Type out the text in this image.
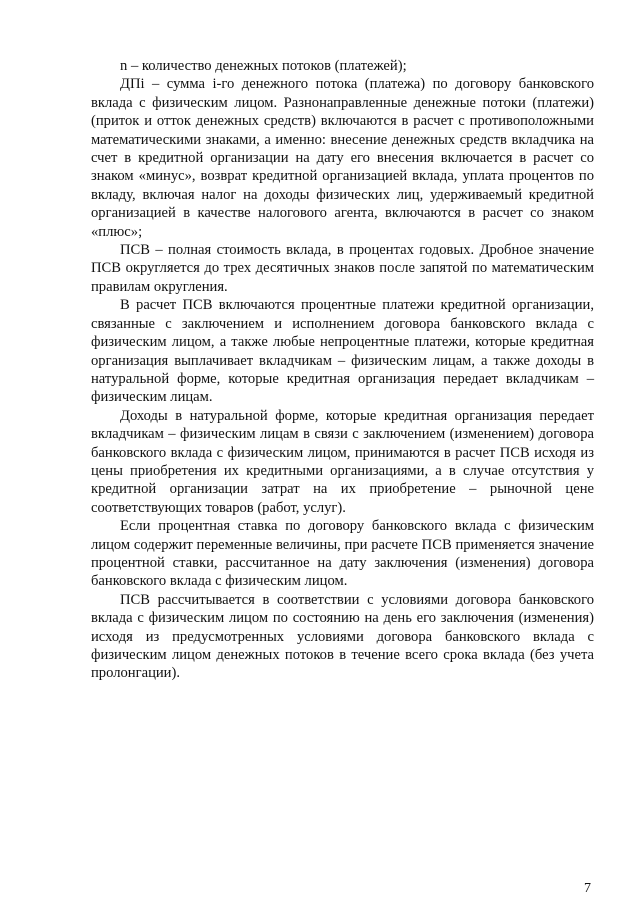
n – количество денежных потоков (платежей);

ДПi – сумма i-го денежного потока (платежа) по договору банковского вклада с физическим лицом. Разнонаправленные денежные потоки (платежи) (приток и отток денежных средств) включаются в расчет с противоположными математическими знаками, а именно: внесение денежных средств вкладчика на счет в кредитной организации на дату его внесения включается в расчет со знаком «минус», возврат кредитной организацией вклада, уплата процентов по вкладу, включая налог на доходы физических лиц, удерживаемый кредитной организацией в качестве налогового агента, включаются в расчет со знаком «плюс»;

ПСВ – полная стоимость вклада, в процентах годовых. Дробное значение ПСВ округляется до трех десятичных знаков после запятой по математическим правилам округления.

В расчет ПСВ включаются процентные платежи кредитной организации, связанные с заключением и исполнением договора банковского вклада с физическим лицом, а также любые непроцентные платежи, которые кредитная организация выплачивает вкладчикам – физическим лицам, а также доходы в натуральной форме, которые кредитная организация передает вкладчикам – физическим лицам.

Доходы в натуральной форме, которые кредитная организация передает вкладчикам – физическим лицам в связи с заключением (изменением) договора банковского вклада с физическим лицом, принимаются в расчет ПСВ исходя из цены приобретения их кредитными организациями, а в случае отсутствия у кредитной организации затрат на их приобретение – рыночной цене соответствующих товаров (работ, услуг).

Если процентная ставка по договору банковского вклада с физическим лицом содержит переменные величины, при расчете ПСВ применяется значение процентной ставки, рассчитанное на дату заключения (изменения) договора банковского вклада с физическим лицом.

ПСВ рассчитывается в соответствии с условиями договора банковского вклада с физическим лицом по состоянию на день его заключения (изменения) исходя из предусмотренных условиями договора банковского вклада с физическим лицом денежных потоков в течение всего срока вклада (без учета пролонгации).

7
